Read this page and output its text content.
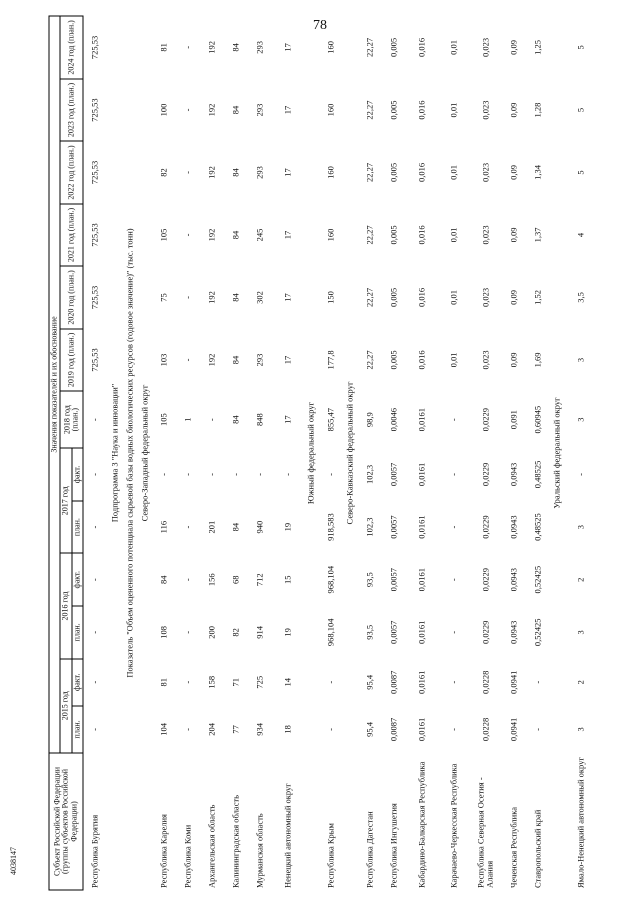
78
4038147	Субъект Российской Федерации (группы субъектов Российской Федерации)	Значения показателей и их обоснование												
	2015 год		2016 год		2017 год		2018 год (план.)	2019 год (план.)	2020 год (план.)	2021 год (план.)	2022 год (план.)	2023 год (план.)	2024 год (план.)
	план.	факт.	план.	факт.	план.	факт.							
Республика Бурятия	-	-	-	-	-	-	-	725,53	725,53	725,53	725,53	725,53	725,53
Подпрограмма 3 "Наука и инновации"													
Показатель "Объем оцененного потенциала сырьевой базы водных биологических ресурсов (годовое значение)" (тыс. тонн)													
Северо-Западный федеральный округ													
Республика Карелия	104	81	108	84	116	-	105	103	75	105	82	100	81
Республика Коми	-	-	-	-	-	-	1	-	-	-	-	-	-
Архангельская область	204	158	200	156	201	-	-	192	192	192	192	192	192
Калининградская область	77	71	82	68	84	-	84	84	84	84	84	84	84
Мурманская область	934	725	914	712	940	-	848	293	302	245	293	293	293
Ненецкий автономный округ	18	14	19	15	19	-	17	17	17	17	17	17	17
Южный федеральный округ													
Республика Крым	-	-	968,104	968,104	918,583	-	855,47	177,8	150	160	160	160	160
Северо-Кавказский федеральный округ													
Республика Дагестан	95,4	95,4	93,5	93,5	102,3	102,3	98,9	22,27	22,27	22,27	22,27	22,27	22,27
Республика Ингушетия	0,0087	0,0087	0,0057	0,0057	0,0057	0,0057	0,0046	0,005	0,005	0,005	0,005	0,005	0,005
Кабардино-Балкарская Республика	0,0161	0,0161	0,0161	0,0161	0,0161	0,0161	0,0161	0,016	0,016	0,016	0,016	0,016	0,016
Карачаево-Черкесская Республика	-	-	-	-	-	-	-	0,01	0,01	0,01	0,01	0,01	0,01
Республика Северная Осетия - Алания	0,0228	0,0228	0,0229	0,0229	0,0229	0,0229	0,0229	0,023	0,023	0,023	0,023	0,023	0,023
Чеченская Республика	0,0941	0,0941	0,0943	0,0943	0,0943	0,0943	0,091	0,09	0,09	0,09	0,09	0,09	0,09
Ставропольский край	-	-	0,52425	0,52425	0,48525	0,48525	0,60945	1,69	1,52	1,37	1,34	1,28	1,25
Уральский федеральный округ													
Ямало-Ненецкий автономный округ	3	2	3	2	3	-	3	3	3,5	4	5	5	5
